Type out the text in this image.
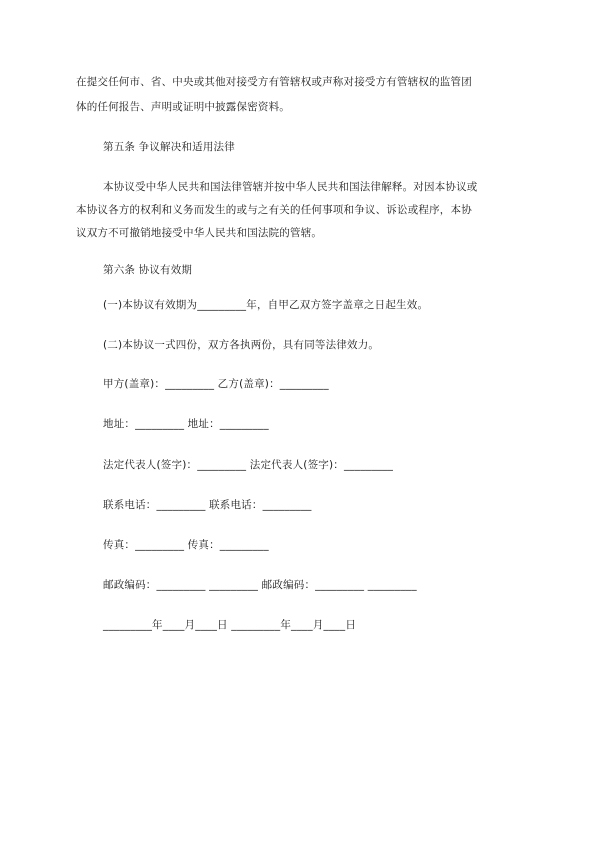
在提交任何市、省、中央或其他对接受方有管辖权或声称对接受方有管辖权的监管团
体的任何报告、声明或证明中披露保密资料。
第五条 争议解决和适用法律
本协议受中华人民共和国法律管辖并按中华人民共和国法律解释。对因本协议或
本协议各方的权利和义务而发生的或与之有关的任何事项和争议、诉讼或程序，本协
议双方不可撤销地接受中华人民共和国法院的管辖。
第六条 协议有效期
(一)本协议有效期为_________年，自甲乙双方签字盖章之日起生效。
(二)本协议一式四份，双方各执两份，具有同等法律效力。
甲方(盖章)：_________ 乙方(盖章)：_________
地址：_________ 地址：_________
法定代表人(签字)：_________ 法定代表人(签字)：_________
联系电话：_________ 联系电话：_________
传真：_________ 传真：_________
邮政编码：_________ _________ 邮政编码：_________ _________
_________年____月____日 _________年____月____日
